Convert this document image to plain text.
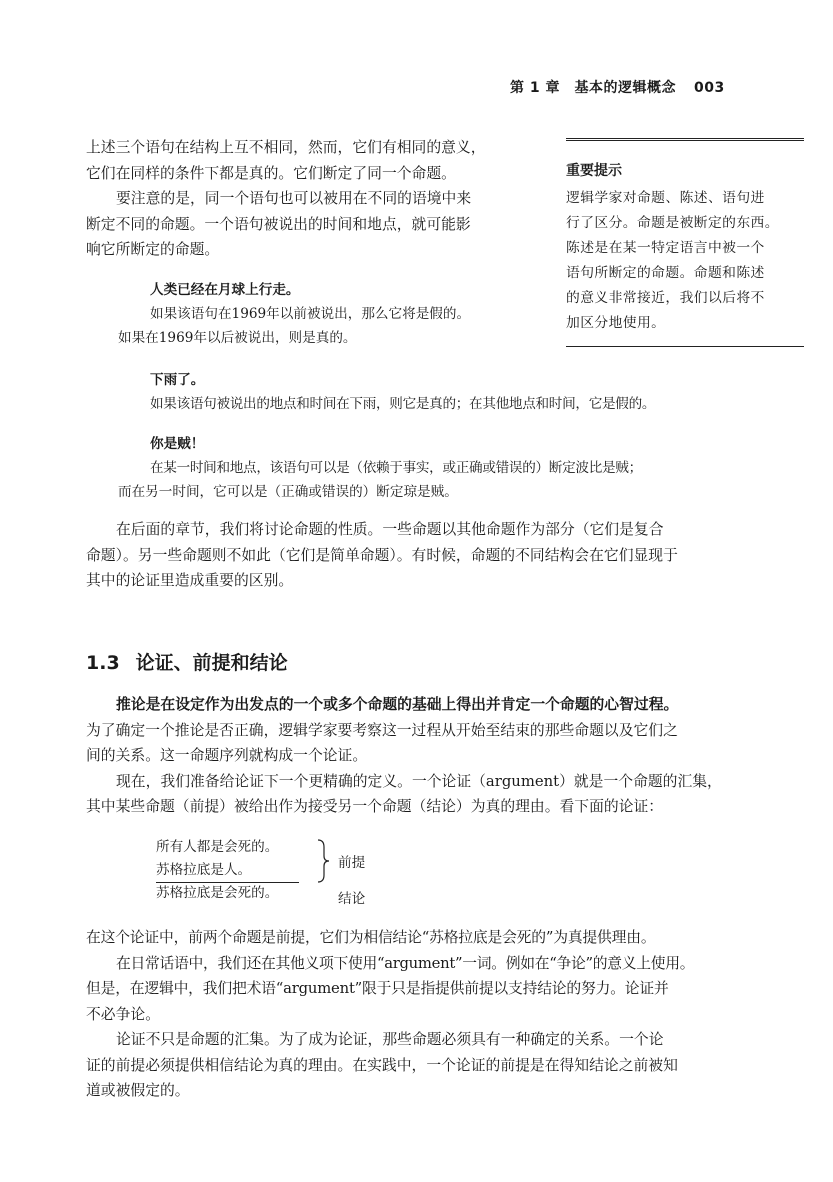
第 1 章　基本的逻辑概念 003
重要提示
逻辑学家对命题、陈述、语句进
行了区分。命题是被断定的东西。
陈述是在某一特定语言中被一个
语句所断定的命题。命题和陈述
的意义非常接近，我们以后将不
加区分地使用。
上述三个语句在结构上互不相同，然而，它们有相同的意义，
它们在同样的条件下都是真的。它们断定了同一个命题。
要注意的是，同一个语句也可以被用在不同的语境中来
断定不同的命题。一个语句被说出的时间和地点，就可能影
响它所断定的命题。
人类已经在月球上行走。
如果该语句在1969年以前被说出，那么它将是假的。
如果在1969年以后被说出，则是真的。
下雨了。
如果该语句被说出的地点和时间在下雨，则它是真的；在其他地点和时间，它是假的。
你是贼！
在某一时间和地点，该语句可以是（依赖于事实，或正确或错误的）断定波比是贼；
而在另一时间，它可以是（正确或错误的）断定琼是贼。
在后面的章节，我们将讨论命题的性质。一些命题以其他命题作为部分（它们是复合
命题）。另一些命题则不如此（它们是简单命题）。有时候，命题的不同结构会在它们显现于
其中的论证里造成重要的区别。
1.3 论证、前提和结论
推论是在设定作为出发点的一个或多个命题的基础上得出并肯定一个命题的心智过程。
为了确定一个推论是否正确，逻辑学家要考察这一过程从开始至结束的那些命题以及它们之
间的关系。这一命题序列就构成一个论证。
现在，我们准备给论证下一个更精确的定义。一个论证（argument）就是一个命题的汇集，
其中某些命题（前提）被给出作为接受另一个命题（结论）为真的理由。看下面的论证：
所有人都是会死的。
苏格拉底是人。
苏格拉底是会死的。
前提
结论
在这个论证中，前两个命题是前提，它们为相信结论“苏格拉底是会死的”为真提供理由。
在日常话语中，我们还在其他义项下使用“argument”一词。例如在“争论”的意义上使用。
但是，在逻辑中，我们把术语“argument”限于只是指提供前提以支持结论的努力。论证并
不必争论。
论证不只是命题的汇集。为了成为论证，那些命题必须具有一种确定的关系。一个论
证的前提必须提供相信结论为真的理由。在实践中，一个论证的前提是在得知结论之前被知
道或被假定的。
